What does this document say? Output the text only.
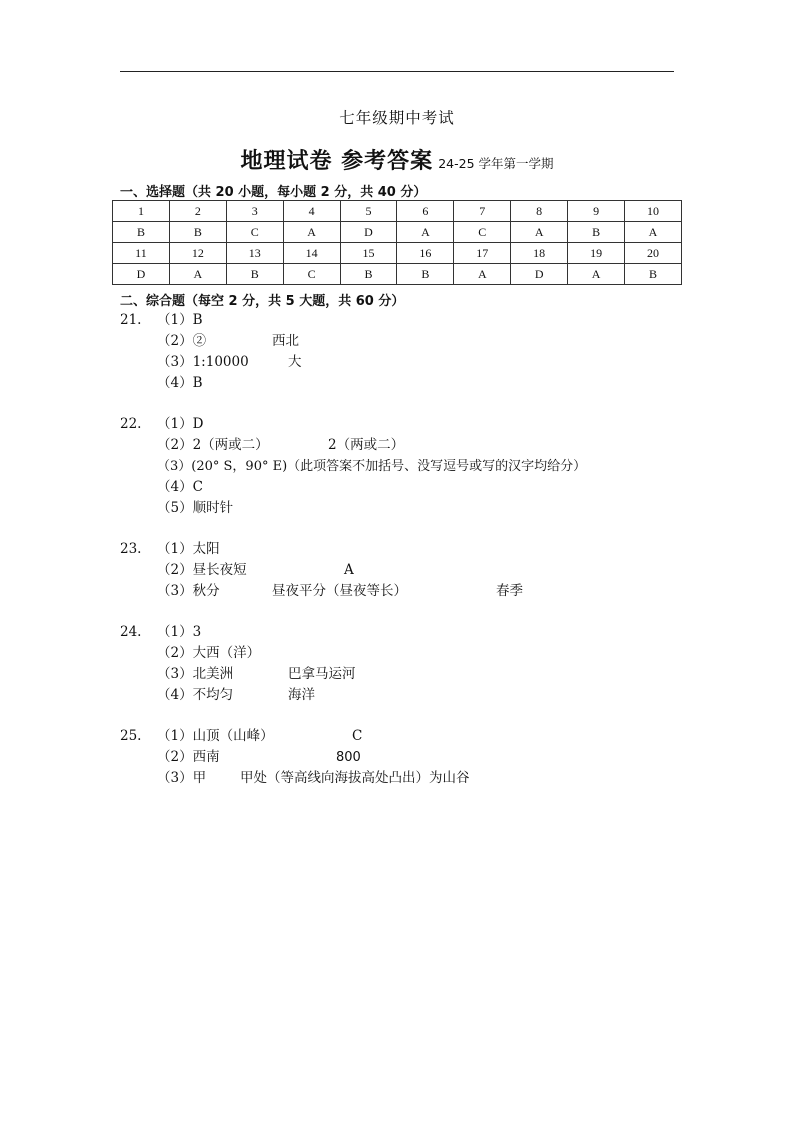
七年级期中考试
地理试卷 参考答案 24-25 学年第一学期
一、选择题（共 20 小题，每小题 2 分，共 40 分）
1	2	3	4	5	6	7	8	9	10
B	B	C	A	D	A	C	A	B	A
11	12	13	14	15	16	17	18	19	20
D	A	B	C	B	B	A	D	A	B
二、综合题（每空 2 分，共 5 大题，共 60 分）
21. （1）B
（2）②	西北
（3）1:10000	大
（4）B
22. （1）D
（2）2（两或二）	2（两或二）
（3）(20° S，90° E)（此项答案不加括号、没写逗号或写的汉字均给分）
（4）C
（5）顺时针
23. （1）太阳
（2）昼长夜短	A
（3）秋分	昼夜平分（昼夜等长）	春季
24. （1）3
（2）大西（洋）
（3）北美洲	巴拿马运河
（4）不均匀	海洋
25. （1）山顶（山峰）	C
（2）西南	800
（3）甲	甲处（等高线向海拔高处凸出）为山谷
